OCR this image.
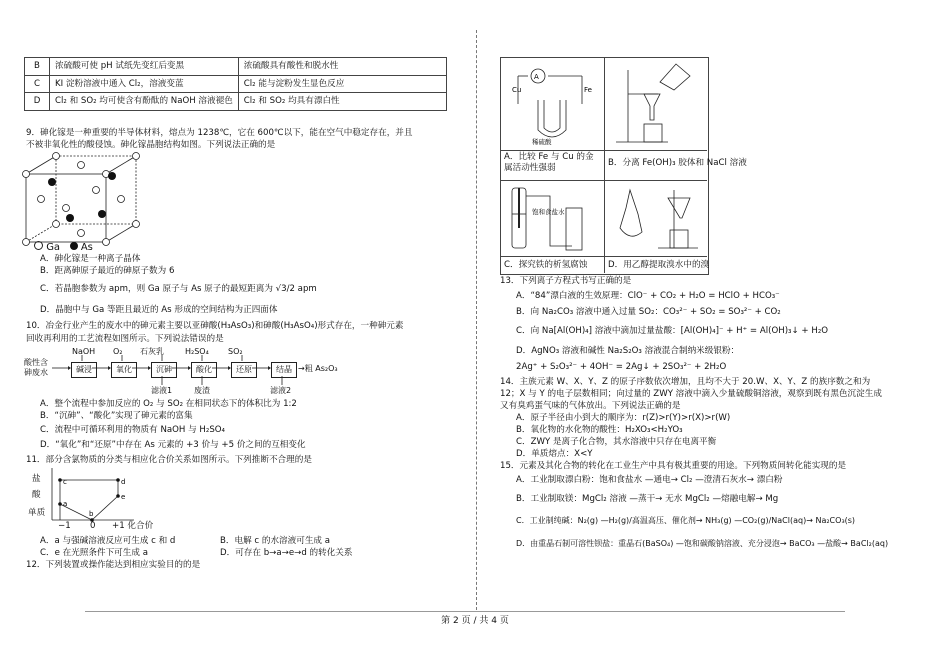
B	浓硫酸可使 pH 试纸先变红后变黑	浓硫酸具有酸性和脱水性
C	KI 淀粉溶液中通入 Cl₂，溶液变蓝	Cl₂ 能与淀粉发生显色反应
D	Cl₂ 和 SO₂ 均可使含有酚酞的 NaOH 溶液褪色	Cl₂ 和 SO₂ 均具有漂白性
9．砷化镓是一种重要的半导体材料，熔点为 1238℃，它在 600℃以下，能在空气中稳定存在，并且
不被非氧化性的酸侵蚀。砷化镓晶胞结构如图。下列说法正确的是
Ga As
A．砷化镓是一种离子晶体
B．距离砷原子最近的砷原子数为 6
C．若晶胞参数为 apm，则 Ga 原子与 As 原子的最短距离为 √3/2 apm
D．晶胞中与 Ga 等距且最近的 As 形成的空间结构为正四面体
10．冶金行业产生的废水中的砷元素主要以亚砷酸(H₃AsO₃)和砷酸(H₃AsO₄)形式存在，一种砷元素
回收再利用的工艺流程如图所示。下列说法错误的是
酸性含砷废水
NaOH O₂ 石灰乳	H₂SO₄ SO₂
碱浸	氧化	沉砷	酸化	还原	结晶 →粗 As₂O₃
滤液1	废渣	滤液2
A．整个流程中参加反应的 O₂ 与 SO₂ 在相同状态下的体积比为 1:2
B．“沉砷”、“酸化”实现了砷元素的富集
C．流程中可循环利用的物质有 NaOH 与 H₂SO₄
D．“氧化”和“还原”中存在 As 元素的 +3 价与 +5 价之间的互相变化
11．部分含氯物质的分类与相应化合价关系如图所示。下列推断不合理的是
盐
酸
单质
c	d
a
e
b
−1 0 +1 化合价
A．a 与强碱溶液反应可生成 c 和 d	B．电解 c 的水溶液可生成 a
C．e 在光照条件下可生成 a	D．可存在 b→a→e→d 的转化关系
12．下列装置或操作能达到相应实验目的的是
A
Cu	Fe
稀硫酸
A．比较 Fe 与 Cu 的金属活动性强弱	B．分离 Fe(OH)₃ 胶体和 NaCl 溶液
饱和食盐水
C．探究铁的析氢腐蚀 D．用乙醇提取溴水中的溴
13．下列离子方程式书写正确的是
A．“84”漂白液的生效原理：ClO⁻ + CO₂ + H₂O = HClO + HCO₃⁻
B．向 Na₂CO₃ 溶液中通入过量 SO₂：CO₃²⁻ + SO₂ = SO₃²⁻ + CO₂
C．向 Na[Al(OH)₄] 溶液中滴加过量盐酸：[Al(OH)₄]⁻ + H⁺ = Al(OH)₃↓ + H₂O
D．AgNO₃ 溶液和碱性 Na₂S₂O₃ 溶液混合制纳米级银粉：
2Ag⁺ + S₂O₃²⁻ + 4OH⁻ = 2Ag↓ + 2SO₃²⁻ + 2H₂O
14．主族元素 W、X、Y、Z 的原子序数依次增加，且均不大于 20.W、X、Y、Z 的族序数之和为
12；X 与 Y 的电子层数相同；向过量的 ZWY 溶液中滴入少量硫酸铜溶液，观察到既有黑色沉淀生成
又有臭鸡蛋气味的气体放出。下列说法正确的是
A．原子半径由小到大的顺序为：r(Z)>r(Y)>r(X)>r(W)
B．氧化物的水化物的酸性：H₂XO₃<H₂YO₃
C．ZWY 是离子化合物，其水溶液中只存在电离平衡
D．单质熔点：X<Y
15．元素及其化合物的转化在工业生产中具有极其重要的用途。下列物质间转化能实现的是
A．工业制取漂白粉：饱和食盐水 —通电→ Cl₂ —澄清石灰水→ 漂白粉
B．工业制取镁：MgCl₂ 溶液 —蒸干→ 无水 MgCl₂ —熔融电解→ Mg
C．工业制纯碱：N₂(g) —H₂(g)/高温高压、催化剂→ NH₃(g) —CO₂(g)/NaCl(aq)→ Na₂CO₃(s)
D．由重晶石制可溶性钡盐：重晶石(BaSO₄) —饱和碳酸钠溶液、充分浸泡→ BaCO₃ —盐酸→ BaCl₂(aq)
第 2 页 / 共 4 页
